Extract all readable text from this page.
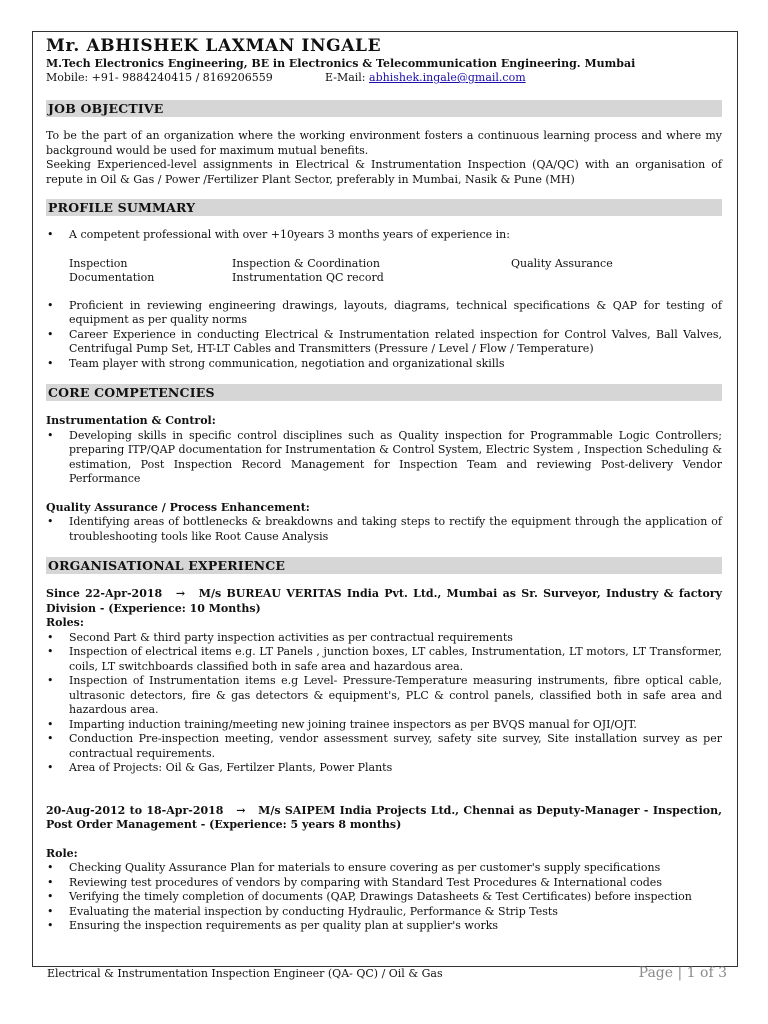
Mr. ABHISHEK LAXMAN INGALE
M.Tech Electronics Engineering, BE in Electronics & Telecommunication Engineering. Mumbai
Mobile: +91- 9884240415 / 8169206559	E-Mail: abhishek.ingale@gmail.com
JOB OBJECTIVE

To be the part of an organization where the working environment fosters a continuous learning process and where my background would be used for maximum mutual benefits.

Seeking Experienced-level assignments in Electrical & Instrumentation Inspection (QA/QC) with an organisation of repute in Oil & Gas / Power /Fertilizer Plant Sector, preferably in Mumbai, Nasik & Pune (MH)

PROFILE SUMMARY
• A competent professional with over +10years 3 months years of experience in:
Inspection	Inspection & Coordination	Quality Assurance
Documentation	Instrumentation QC record
• Proficient in reviewing engineering drawings, layouts, diagrams, technical specifications & QAP for testing of equipment as per quality norms
• Career Experience in conducting Electrical & Instrumentation related inspection for Control Valves, Ball Valves, Centrifugal Pump Set, HT-LT Cables and Transmitters (Pressure / Level / Flow / Temperature)
• Team player with strong communication, negotiation and organizational skills
CORE COMPETENCIES

Instrumentation & Control:

• Developing skills in specific control disciplines such as Quality inspection for Programmable Logic Controllers; preparing ITP/QAP documentation for Instrumentation & Control System, Electric System , Inspection Scheduling & estimation, Post Inspection Record Management for Inspection Team and reviewing Post-delivery Vendor Performance

Quality Assurance / Process Enhancement:

• Identifying areas of bottlenecks & breakdowns and taking steps to rectify the equipment through the application of troubleshooting tools like Root Cause Analysis
ORGANISATIONAL EXPERIENCE

Since 22-Apr-2018 → M/s BUREAU VERITAS India Pvt. Ltd., Mumbai as Sr. Surveyor, Industry & factory Division - (Experience: 10 Months)

Roles:

• Second Part & third party inspection activities as per contractual requirements
• Inspection of electrical items e.g. LT Panels , junction boxes, LT cables, Instrumentation, LT motors, LT Transformer, coils, LT switchboards classified both in safe area and hazardous area.
• Inspection of Instrumentation items e.g Level- Pressure-Temperature measuring instruments, fibre optical cable, ultrasonic detectors, fire & gas detectors & equipment's, PLC & control panels, classified both in safe area and hazardous area.
• Imparting induction training/meeting new joining trainee inspectors as per BVQS manual for OJI/OJT.
• Conduction Pre-inspection meeting, vendor assessment survey, safety site survey, Site installation survey as per contractual requirements.
• Area of Projects: Oil & Gas, Fertilzer Plants, Power Plants

20-Aug-2012 to 18-Apr-2018 → M/s SAIPEM India Projects Ltd., Chennai as Deputy-Manager - Inspection, Post Order Management - (Experience: 5 years 8 months)

Role:

• Checking Quality Assurance Plan for materials to ensure covering as per customer's supply specifications
• Reviewing test procedures of vendors by comparing with Standard Test Procedures & International codes
• Verifying the timely completion of documents (QAP, Drawings Datasheets & Test Certificates) before inspection
• Evaluating the material inspection by conducting Hydraulic, Performance & Strip Tests
• Ensuring the inspection requirements as per quality plan at supplier's works
Electrical & Instrumentation Inspection Engineer (QA- QC) / Oil & Gas	Page | 1 of 3
